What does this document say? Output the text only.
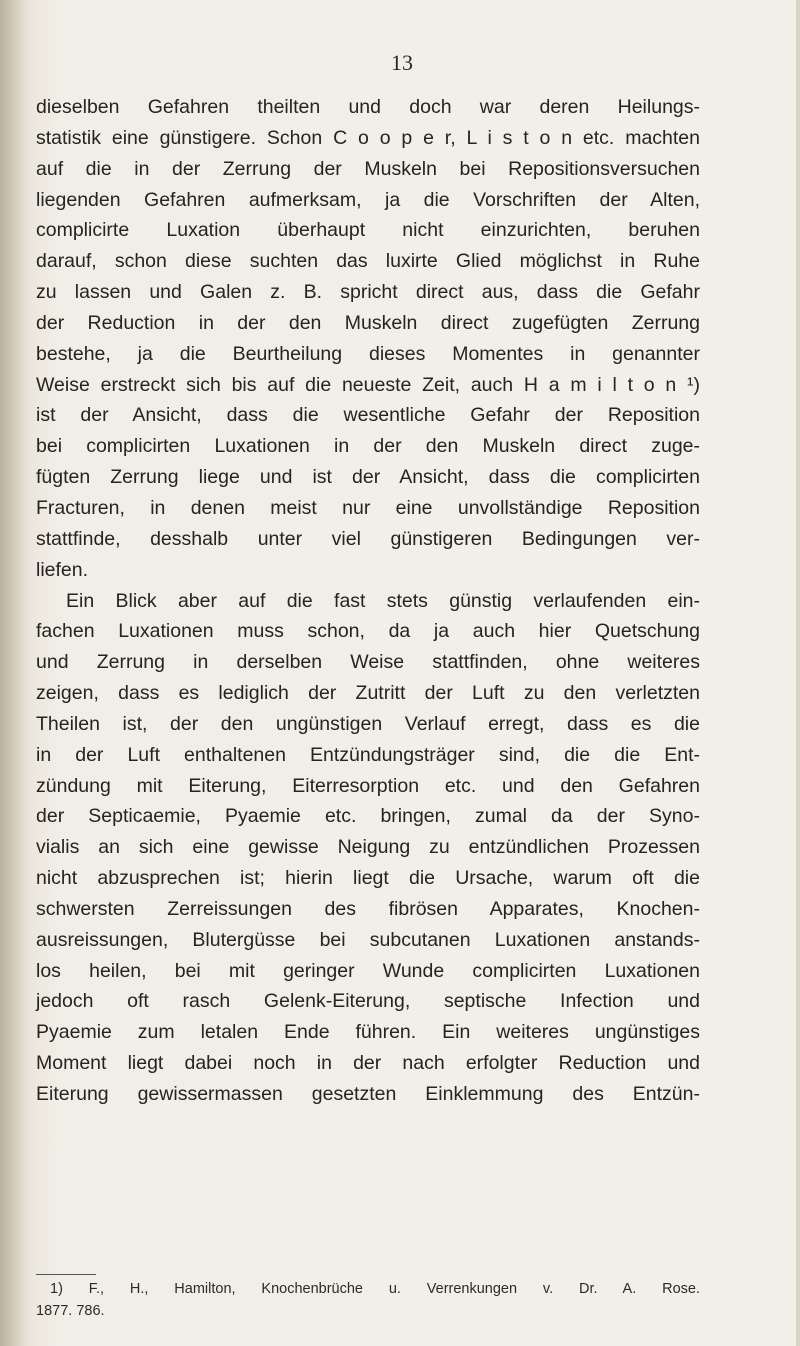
13
dieselben Gefahren theilten und doch war deren Heilungs-
statistik eine günstigere. Schon C o o p e r, L i s t o n etc. machten
auf die in der Zerrung der Muskeln bei Repositionsversuchen
liegenden Gefahren aufmerksam, ja die Vorschriften der Alten,
complicirte Luxation überhaupt nicht einzurichten, beruhen
darauf, schon diese suchten das luxirte Glied möglichst in Ruhe
zu lassen und Galen z. B. spricht direct aus, dass die Gefahr
der Reduction in der den Muskeln direct zugefügten Zerrung
bestehe, ja die Beurtheilung dieses Momentes in genannter
Weise erstreckt sich bis auf die neueste Zeit, auch H a m i l t o n ¹)
ist der Ansicht, dass die wesentliche Gefahr der Reposition
bei complicirten Luxationen in der den Muskeln direct zuge-
fügten Zerrung liege und ist der Ansicht, dass die complicirten
Fracturen, in denen meist nur eine unvollständige Reposition
stattfinde, desshalb unter viel günstigeren Bedingungen ver-
liefen.
Ein Blick aber auf die fast stets günstig verlaufenden ein-
fachen Luxationen muss schon, da ja auch hier Quetschung
und Zerrung in derselben Weise stattfinden, ohne weiteres
zeigen, dass es lediglich der Zutritt der Luft zu den verletzten
Theilen ist, der den ungünstigen Verlauf erregt, dass es die
in der Luft enthaltenen Entzündungsträger sind, die die Ent-
zündung mit Eiterung, Eiterresorption etc. und den Gefahren
der Septicaemie, Pyaemie etc. bringen, zumal da der Syno-
vialis an sich eine gewisse Neigung zu entzündlichen Prozessen
nicht abzusprechen ist; hierin liegt die Ursache, warum oft die
schwersten Zerreissungen des fibrösen Apparates, Knochen-
ausreissungen, Blutergüsse bei subcutanen Luxationen anstands-
los heilen, bei mit geringer Wunde complicirten Luxationen
jedoch oft rasch Gelenk-Eiterung, septische Infection und
Pyaemie zum letalen Ende führen. Ein weiteres ungünstiges
Moment liegt dabei noch in der nach erfolgter Reduction und
Eiterung gewissermassen gesetzten Einklemmung des Entzün-
1) F., H., Hamilton, Knochenbrüche u. Verrenkungen v. Dr. A. Rose.
1877. 786.
